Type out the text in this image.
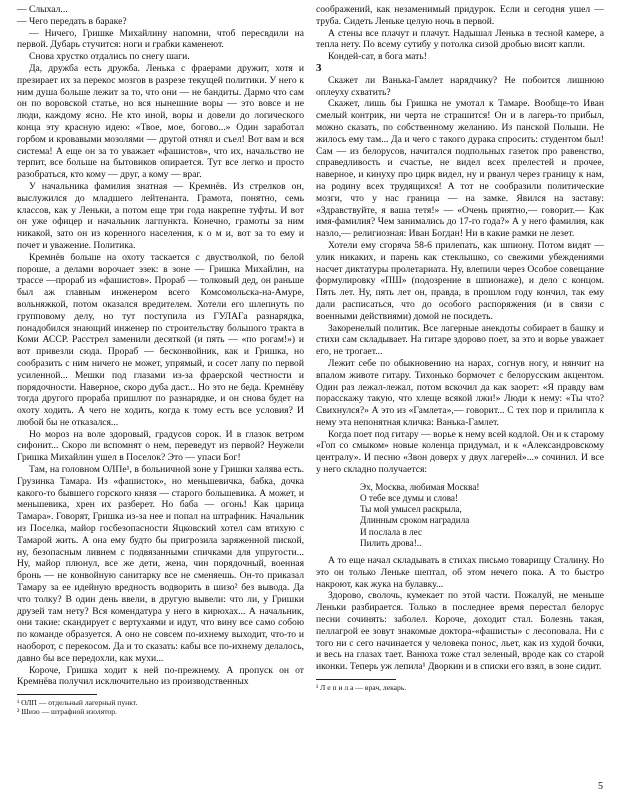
— Слыхал...

— Чего передать в бараке?

— Ничего, Гришке Михайлину напомни, чтоб пересвдили на первой. Дубарь стучится: ноги и грабки каменеют.

Снова хрустко отдались по снегу шаги.

Да, дружба есть дружба. Ленька с фраерами дружит, хотя и презирает их за перекос мозгов в разрезе текущей политики. У него к ним душа больше лежит за то, что они — не бандиты. Дармо что сам он по воровской статье, но вся нынешние воры — это вовсе и не люди, каждому ясно. Не кто иной, воры и довели до логического конца эту красную идею: «Твое, мое, богово...» Один заработал горбом и кровавыми мозолями — другой отнял и съел! Вот вам и вся система! А еще он за то уважает «фашистов», что их, начальство не терпит, все больше на бытовиков опирается. Тут все легко и просто разобраться, кто кому — друг, а кому — враг.

У начальника фамилия знатная — Кремнёв. Из стрелков он, выслужился до младшего лейтенанта. Грамота, понятно, семь классов, как у Леньки, а потом еще три года накрепне туфты. И вот он уже офицер и начальник лагпункта. Конечно, грамоты за ним никакой, зато он из коренного населения, к о м и, вот за то ему и почет и уважение. Политика.

Кремнёв больше на охоту таскается с двустволкой, по белой пороше, а делами ворочает эзек: в зоне — Гришка Михайлин, на трассе —прораб из «фашистов». Прораб — толковый дед, он раньше был аж главным инженером всего Комсомольска-на-Амуре, вольняжкой, потом оказался вредителем. Хотели его шлепнуть по групповому делу, но тут поступила из ГУЛАГа разнарядка, понадобился знающий инженер по строительству большого тракта в Коми АССР. Расстрел заменили десяткой (и пять — «по рогам!») и вот привезли сюда. Прораб — бесконвойник, как и Гришка, но сообразить с ним ничего не может, упрямый, и сосет лапу по первой усиленной... Мешки под глазами из-за фраерской честности и порядочности. Наверное, скоро дуба даст... Но это не беда. Кремнёву тогда другого прораба пришлют по разнарядке, и он снова будет на охоту ходить. А чего не ходить, когда к тому есть все условия? И любой бы не отказался...

Но мороз на воле здоровый, градусов сорок. И в глазок ветром сифонит... Скоро ли вспомнят о нем, переведут из первой? Неужели Гришка Михайлин ушел в Поселок? Это — упаси Бог!

Там, на головном ОЛПе¹, в больничной зоне у Гришки халява есть. Грузинка Тамара. Из «фашисток», но меньшевичка, бабка, дочка какого-то бывшего горского князя — старого большевика. А может, и меньшевика, хрен их разберет. Но баба — огонь! Как царица Тамара». Говорят, Гришка из-за нее и попал на штрафник. Начальник из Поселка, майор госбезопасности Яцковский хотел сам втихую с Тамарой жить. А она ему будто бы пригрозила заряженной пиской, ну, безопасным ливнем с подвязанными спичками для упругости... Ну, майор плюнул, все же дети, жена, чин порядочный, военная бронь — не конвойную санитарку все не сменяешь. Он-то приказал Тамару за ее идейную вредность водворить в шизо² без вывода. Да что толку? В один день ввели, в другую вывели: что ли, у Гришки друзей там нету? Вся комендатура у него в кирюхах... А начальник, они такие: скандирует с вертухаями и идут, что вину все само собою по команде образуется. А оно не совсем по-ихнему выходит, что-то и наоборот, с перекосом. Да и то сказать: кабы все по-ихнему делалось, давно бы все передохли, как мухи...

Короче, Гришка ходит к ней по-прежнему. А пропуск он от Кремнёва получил исключительно из производственных

¹ ОЛП — отдельный лагерный пункт.

² Шизо — штрафной изолятор.

соображений, как незаменимый придурок. Если и сегодня ушел — труба. Сидеть Леньке целую ночь в первой.

А стены все плачут и плачут. Надышал Ленька в тесной камере, а тепла нету. По всему сутибу у потолка сизой дробью висят капли.

Кондей-сат, в бога мать!

3

Скажет ли Ванька-Гамлет нарядчику? Не побоится лишнюю оплеуху схватить?

Скажет, лишь бы Гришка не умотал к Тамаре. Вообще-то Иван смелый контрик, ни черта не страшится! Он и в лагерь-то прибыл, можно сказать, по собственному желанию. Из панской Польши. Не жилось ему там... Да и чего с такого дурака спросить: студентом был! Сам — из белорусов, начитался подпольных газеток про равенство, справедливость и счастье, не видел всех прелестей и прочее, наверное, и кинуху про цирк видел, ну и рванул через границу к нам, на родину всех трудящихся! А тот не сообразили политические мозги, что у нас граница — на замке. Явился на заставу: «Здравствуйте, я ваша тетя!» — «Очень приятно,— говорит.— Как имя-фамилия? Чем занимались до 17-го года?» А у него фамилия, как назло,— религиозная: Иван Богдан! Ни в какие рамки не лезет.

Хотели ему сгоряча 58-6 прилепать, как шпиону. Потом видят — улик никаких, и парень как стеклышко, со свежими убеждениями насчет диктатуры пролетариата. Ну, влепили через Особое совещание формулировку «ПШ» (подозрение в шпионаже), и дело с концом. Пять лет. Ну, пять лет он, правда, в прошлом году кончил, так ему дали расписаться, что до особого распоряжения (и в связи с военными действиями) домой не посидеть.

Закоренелый политик. Все лагерные анекдоты собирает в башку и стихи сам складывает. На гитаре здорово поет, за это и ворье уважает его, не трогает...

Лежит себе по обыкновению на нарах, согнув ногу, и нянчит на впалом животе гитару. Тихонько бормочет с белорусским акцентом. Один раз лежал-лежал, потом вскочил да как заорет: «Я правду вам порасскажу такую, что хлеще всякой лжи!» Люди к нему: «Ты что? Свихнулся?» А это из «Гамлета»,— говорит... С тех пор и прилипла к нему эта непонятная кличка: Ванька-Гамлет.

Когда поет под гитару — ворье к нему всей кодлой. Он и к старому «Гоп со смыком» новые коленца придумал, и к «Александровскому централу». И песню «Звон доверх у двух лагерей»...» сочинил. И все у него складно получается:

Эх, Москва, любимая Москва!
О тебе все думы и слова!
Ты мой умысел раскрыла,
Длинным сроком наградила
И послала в лес
Пилить дрова!..

А то еще начал складывать в стихах письмо товарищу Сталину. Но это он только Леньке шептал, об этом нечего пока. А то быстро накроют, как жука на булавку...

Здорово, сволочь, кумекает по этой части. Пожалуй, не меньше Леньки разбирается. Только в последнее время перестал белорус песни сочинять: заболел. Короче, доходит стал. Болезнь такая, пеллагрой ее зовут знакомые доктора-«фашисты» с лесоповала. Ни с того ни с сего начинается у человека понос, льет, как из худой бочки, и весь на глазах тает. Ванюха тоже стал зеленый, вроде как со старой иконки. Теперь уж лепила¹ Дворкин и в списки его взял, в зоне сидит.

¹ Л е п и л а — врач, лекарь.

5
